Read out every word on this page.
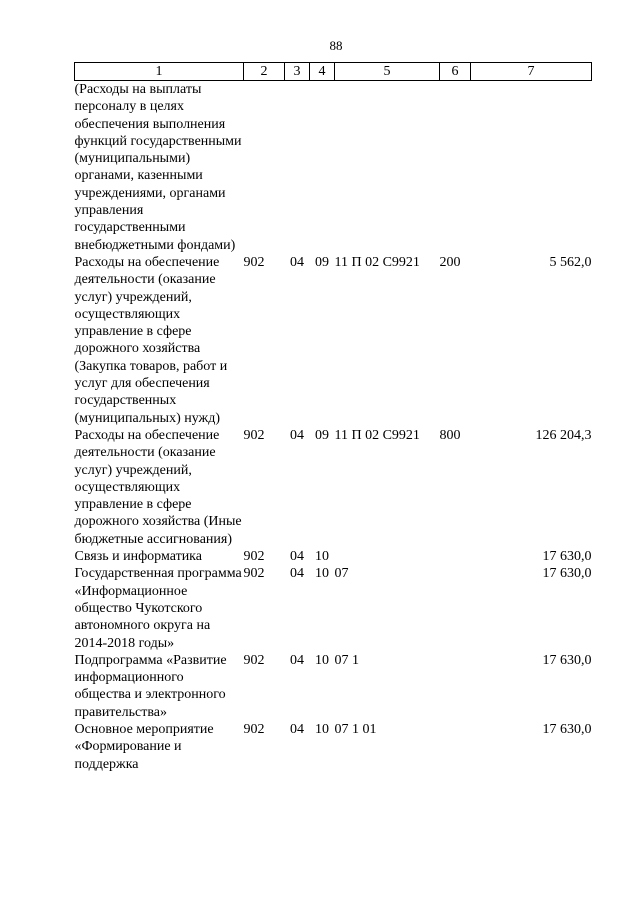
88
1	2	3	4	5	6	7
(Расходы на выплаты персоналу в целях обеспечения выполнения функций государственными (муниципальными) органами, казенными учреждениями, органами управления государственными внебюджетными фондами)						
Расходы на обеспечение деятельности (оказание услуг) учреждений, осуществляющих управление в сфере дорожного хозяйства (Закупка товаров, работ и услуг для обеспечения государственных (муниципальных) нужд)	902	04	09	11 П 02 С9921	200	5 562,0
Расходы на обеспечение деятельности (оказание услуг) учреждений, осуществляющих управление в сфере дорожного хозяйства (Иные бюджетные ассигнования)	902	04	09	11 П 02 С9921	800	126 204,3
Связь и информатика	902	04	10			17 630,0
Государственная программа «Информационное общество Чукотского автономного округа на 2014-2018 годы»	902	04	10	07		17 630,0
Подпрограмма «Развитие информационного общества и электронного правительства»	902	04	10	07 1		17 630,0
Основное мероприятие «Формирование и поддержка	902	04	10	07 1 01		17 630,0
